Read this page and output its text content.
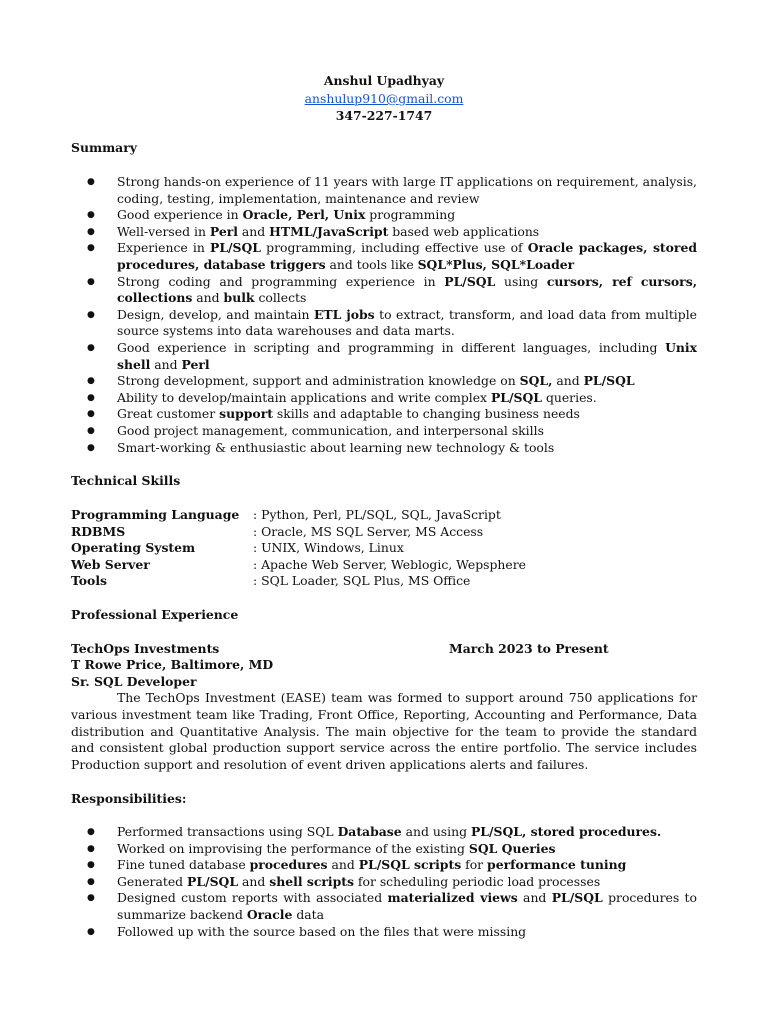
Anshul Upadhyay
anshulup910@gmail.com
347-227-1747
Summary
● Strong hands-on experience of 11 years with large IT applications on requirement, analysis, coding, testing, implementation, maintenance and review
● Good experience in Oracle, Perl, Unix programming
● Well-versed in Perl and HTML/JavaScript based web applications
● Experience in PL/SQL programming, including effective use of Oracle packages, stored procedures, database triggers and tools like SQL*Plus, SQL*Loader
● Strong coding and programming experience in PL/SQL using cursors, ref cursors, collections and bulk collects
● Design, develop, and maintain ETL jobs to extract, transform, and load data from multiple source systems into data warehouses and data marts.
● Good experience in scripting and programming in different languages, including Unix shell and Perl
● Strong development, support and administration knowledge on SQL, and PL/SQL
● Ability to develop/maintain applications and write complex PL/SQL queries.
● Great customer support skills and adaptable to changing business needs
● Good project management, communication, and interpersonal skills
● Smart-working & enthusiastic about learning new technology & tools
Technical Skills
Programming Language : Python, Perl, PL/SQL, SQL, JavaScript
RDBMS	: Oracle, MS SQL Server, MS Access
Operating System	: UNIX, Windows, Linux
Web Server	: Apache Web Server, Weblogic, Wepsphere
Tools	: SQL Loader, SQL Plus, MS Office
Professional Experience
TechOps Investments	March 2023 to Present
T Rowe Price, Baltimore, MD
Sr. SQL Developer
The TechOps Investment (EASE) team was formed to support around 750 applications for various investment team like Trading, Front Office, Reporting, Accounting and Performance, Data distribution and Quantitative Analysis. The main objective for the team to provide the standard and consistent global production support service across the entire portfolio. The service includes Production support and resolution of event driven applications alerts and failures.
Responsibilities:
● Performed transactions using SQL Database and using PL/SQL, stored procedures.
● Worked on improvising the performance of the existing SQL Queries
● Fine tuned database procedures and PL/SQL scripts for performance tuning
● Generated PL/SQL and shell scripts for scheduling periodic load processes
● Designed custom reports with associated materialized views and PL/SQL procedures to summarize backend Oracle data
● Followed up with the source based on the files that were missing
